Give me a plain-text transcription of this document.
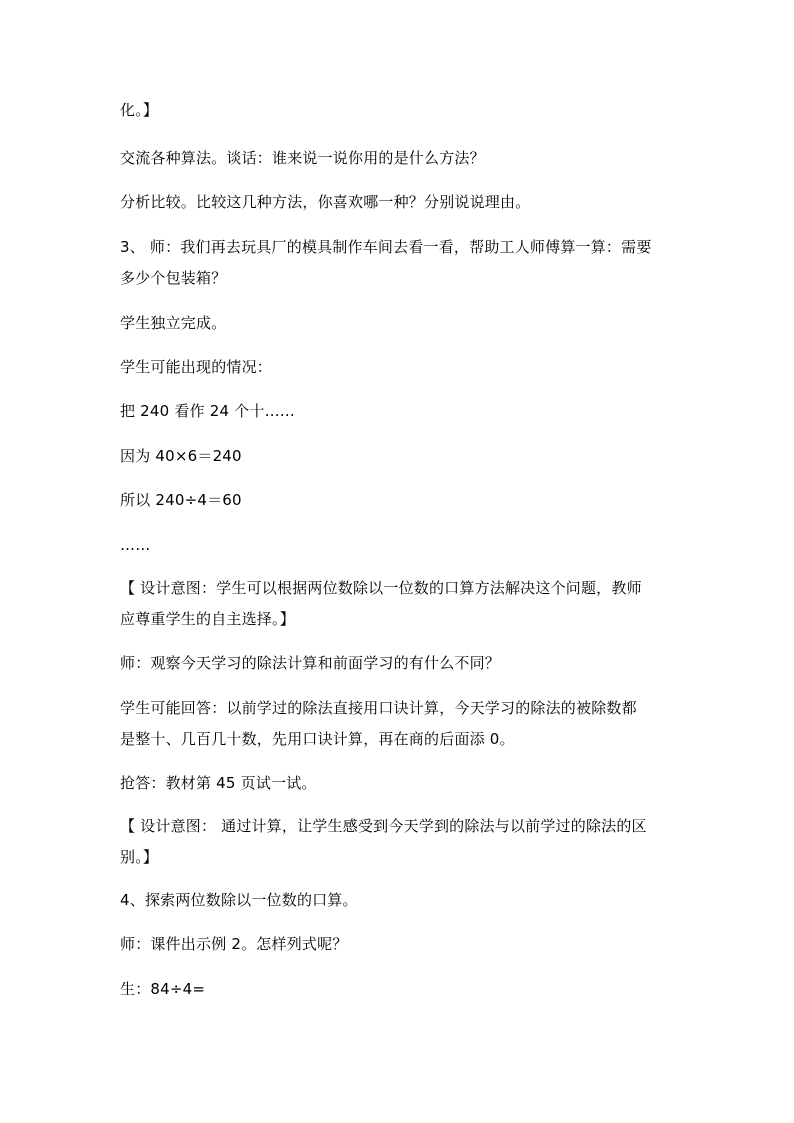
化。】
交流各种算法。谈话：谁来说一说你用的是什么方法？
分析比较。比较这几种方法，你喜欢哪一种？分别说说理由。
3、 师：我们再去玩具厂的模具制作车间去看一看，帮助工人师傅算一算：需要
多少个包装箱？
学生独立完成。
学生可能出现的情况：
把 240 看作 24 个十……
因为 40×6＝240
所以 240÷4＝60
……
【 设计意图：学生可以根据两位数除以一位数的口算方法解决这个问题，教师
应尊重学生的自主选择。】
师：观察今天学习的除法计算和前面学习的有什么不同？
学生可能回答：以前学过的除法直接用口诀计算，今天学习的除法的被除数都
是整十、几百几十数，先用口诀计算，再在商的后面添 0。
抢答：教材第 45 页试一试。
【 设计意图： 通过计算，让学生感受到今天学到的除法与以前学过的除法的区
别。】
4、探索两位数除以一位数的口算。
师：课件出示例 2。怎样列式呢？
生：84÷4=
